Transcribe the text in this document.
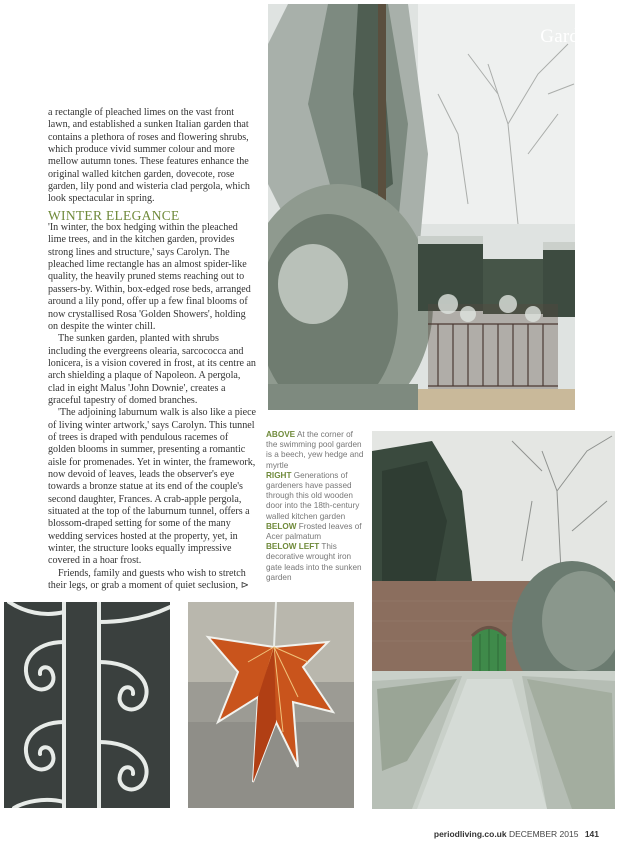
Gardens

a rectangle of pleached limes on the vast front lawn, and established a sunken Italian garden that contains a plethora of roses and flowering shrubs, which produce vivid summer colour and more mellow autumn tones. These features enhance the original walled kitchen garden, dovecote, rose garden, lily pond and wisteria clad pergola, which look spectacular in spring.

WINTER ELEGANCE

'In winter, the box hedging within the pleached lime trees, and in the kitchen garden, provides strong lines and structure,' says Carolyn. The pleached lime rectangle has an almost spider-like quality, the heavily pruned stems reaching out to passers-by. Within, box-edged rose beds, arranged around a lily pond, offer up a few final blooms of now crystallised Rosa 'Golden Showers', holding on despite the winter chill.

The sunken garden, planted with shrubs including the evergreens olearia, sarcococca and lonicera, is a vision covered in frost, at its centre an arch shielding a plaque of Napoleon. A pergola, clad in eight Malus 'John Downie', creates a graceful tapestry of domed branches.

'The adjoining laburnum walk is also like a piece of living winter artwork,' says Carolyn. This tunnel of trees is draped with pendulous racemes of golden blooms in summer, presenting a romantic aisle for promenades. Yet in winter, the framework, now devoid of leaves, leads the observer's eye towards a bronze statue at its end of the couple's second daughter, Frances. A crab-apple pergola, situated at the top of the laburnum tunnel, offers a blossom-draped setting for some of the many wedding services hosted at the property, yet, in winter, the structure looks equally impressive covered in a hoar frost.

Friends, family and guests who wish to stretch their legs, or grab a moment of quiet seclusion, ⊳

ABOVE At the corner of the swimming pool garden is a beech, yew hedge and myrtle

RIGHT Generations of gardeners have passed through this old wooden door into the 18th-century walled kitchen garden

BELOW Frosted leaves of Acer palmatum

BELOW LEFT This decorative wrought iron gate leads into the sunken garden

periodliving.co.uk DECEMBER 2015 141
